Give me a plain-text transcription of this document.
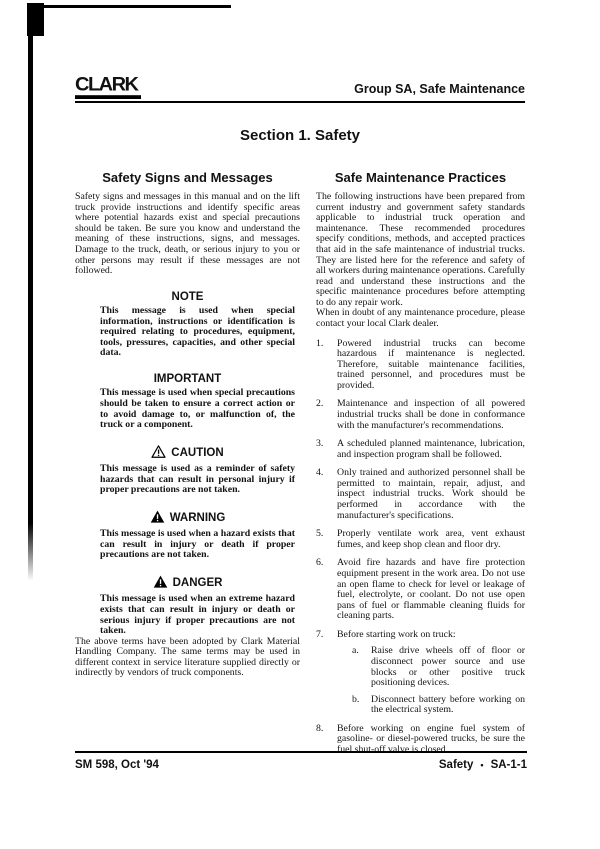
CLARK	Group SA, Safe Maintenance
Section 1. Safety
Safety Signs and Messages

Safety signs and messages in this manual and on the lift truck provide instructions and identify specific areas where potential hazards exist and special precautions should be taken. Be sure you know and understand the meaning of these instructions, signs, and messages. Damage to the truck, death, or serious injury to you or other persons may result if these messages are not followed.

NOTE
This message is used when special information, instructions or identification is required relating to procedures, equipment, tools, pressures, capacities, and other special data.
IMPORTANT
This message is used when special precautions should be taken to ensure a correct action or to avoid damage to, or malfunction of, the truck or a component.
CAUTION
This message is used as a reminder of safety hazards that can result in personal injury if proper precautions are not taken.
WARNING
This message is used when a hazard exists that can result in injury or death if proper precautions are not taken.
DANGER
This message is used when an extreme hazard exists that can result in injury or death or serious injury if proper precautions are not taken.

The above terms have been adopted by Clark Material Handling Company. The same terms may be used in different context in service literature supplied directly or indirectly by vendors of truck components.

Safe Maintenance Practices

The following instructions have been prepared from current industry and government safety standards applicable to industrial truck operation and maintenance. These recommended procedures specify conditions, methods, and accepted practices that aid in the safe maintenance of industrial trucks. They are listed here for the reference and safety of all workers during maintenance operations. Carefully read and understand these instructions and the specific maintenance procedures before attempting to do any repair work.

When in doubt of any maintenance procedure, please contact your local Clark dealer.

1.	Powered industrial trucks can become hazardous if maintenance is neglected. Therefore, suitable maintenance facilities, trained personnel, and procedures must be provided.
2.	Maintenance and inspection of all powered industrial trucks shall be done in conformance with the manufacturer's recommendations.
3.	A scheduled planned maintenance, lubrication, and inspection program shall be followed.
4.	Only trained and authorized personnel shall be permitted to maintain, repair, adjust, and inspect industrial trucks. Work should be performed in accordance with the manufacturer's specifications.
5.	Properly ventilate work area, vent exhaust fumes, and keep shop clean and floor dry.
6.	Avoid fire hazards and have fire protection equipment present in the work area. Do not use an open flame to check for level or leakage of fuel, electrolyte, or coolant. Do not use open pans of fuel or flammable cleaning fluids for cleaning parts.
7.	Before starting work on truck:
a.	Raise drive wheels off of floor or disconnect power source and use blocks or other positive truck positioning devices.
b.	Disconnect battery before working on the electrical system.
8.	Before working on engine fuel system of gasoline- or diesel-powered trucks, be sure the fuel shut-off valve is closed.
SM 598, Oct '94	Safety • SA-1-1
